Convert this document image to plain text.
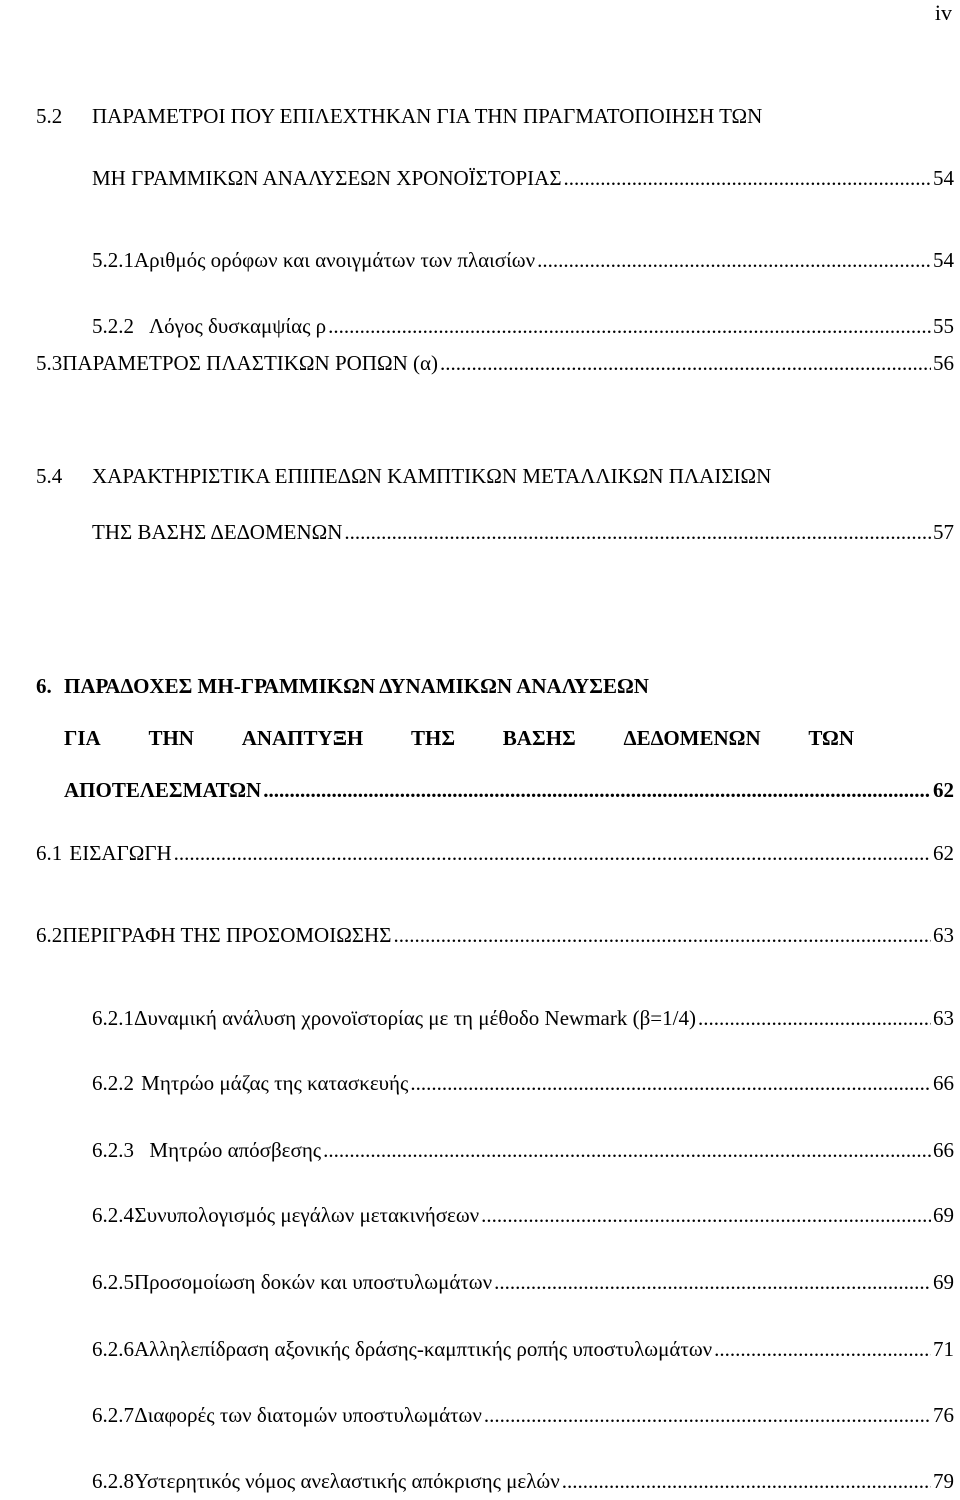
iv
5.2	ΠΑΡΑΜΕΤΡΟΙ ΠΟΥ ΕΠΙΛΕΧΤΗΚΑΝ ΓΙΑ ΤΗΝ ΠΡΑΓΜΑΤΟΠΟΙΗΣΗ ΤΩΝ
ΜΗ ΓΡΑΜΜΙΚΩΝ ΑΝΑΛΥΣΕΩΝ ΧΡΟΝΟΪΣΤΟΡΙΑΣ .....	54
5.2.1 Αριθμός ορόφων και ανοιγμάτων των πλαισίων .....	54
5.2.2 Λόγος δυσκαμψίας ρ .....	55
5.3 ΠΑΡΑΜΕΤΡΟΣ ΠΛΑΣΤΙΚΩΝ ΡΟΠΩΝ (α) .....	56
5.4	ΧΑΡΑΚΤΗΡΙΣΤΙΚΑ ΕΠΙΠΕΔΩΝ ΚΑΜΠΤΙΚΩΝ ΜΕΤΑΛΛΙΚΩΝ ΠΛΑΙΣΙΩΝ
ΤΗΣ ΒΑΣΗΣ ΔΕΔΟΜΕΝΩΝ .....	57
6. ΠΑΡΑΔΟΧΕΣ ΜΗ-ΓΡΑΜΜΙΚΩΝ ΔΥΝΑΜΙΚΩΝ ΑΝΑΛΥΣΕΩΝ
ΓΙΑ ΤΗΝ ΑΝΑΠΤΥΞΗ ΤΗΣ ΒΑΣΗΣ ΔΕΔΟΜΕΝΩΝ ΤΩΝ
ΑΠΟΤΕΛΕΣΜΑΤΩΝ .....	62
6.1 ΕΙΣΑΓΩΓΗ .....	62
6.2 ΠΕΡΙΓΡΑΦΗ ΤΗΣ ΠΡΟΣΟΜΟΙΩΣΗΣ .....	63
6.2.1 Δυναμική ανάλυση χρονοϊστορίας με τη μέθοδο Newmark (β=1/4) .....	63
6.2.2 Μητρώο μάζας της κατασκευής .....	66
6.2.3 Μητρώο απόσβεσης .....	66
6.2.4 Συνυπολογισμός μεγάλων μετακινήσεων .....	69
6.2.5 Προσομοίωση δοκών και υποστυλωμάτων .....	69
6.2.6 Αλληλεπίδραση αξονικής δράσης-καμπτικής ροπής υποστυλωμάτων .....	71
6.2.7 Διαφορές των διατομών υποστυλωμάτων .....	76
6.2.8 Υστερητικός νόμος ανελαστικής απόκρισης μελών .....	79
